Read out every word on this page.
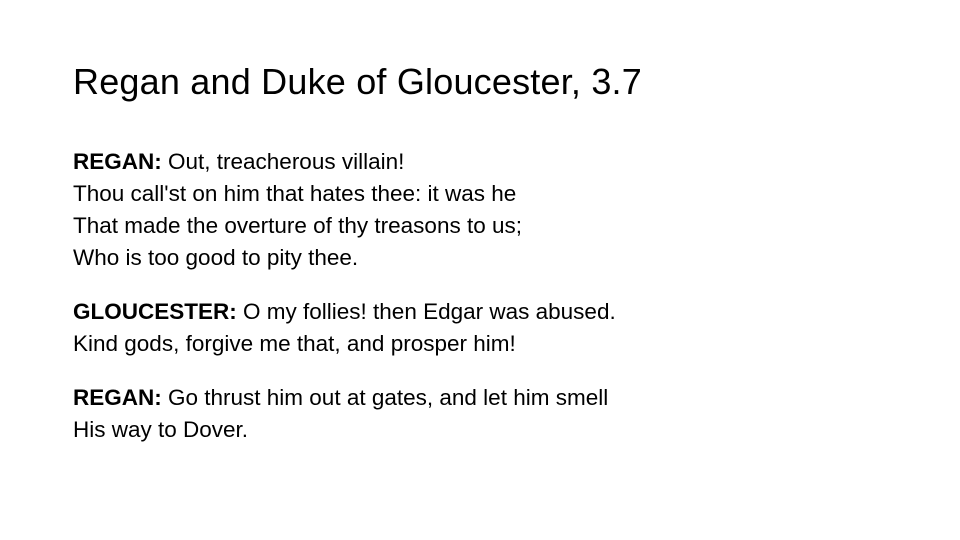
Regan and Duke of Gloucester, 3.7

REGAN: Out, treacherous villain!
Thou call'st on him that hates thee: it was he
That made the overture of thy treasons to us;
Who is too good to pity thee.

GLOUCESTER: O my follies! then Edgar was abused.
Kind gods, forgive me that, and prosper him!

REGAN: Go thrust him out at gates, and let him smell
His way to Dover.
